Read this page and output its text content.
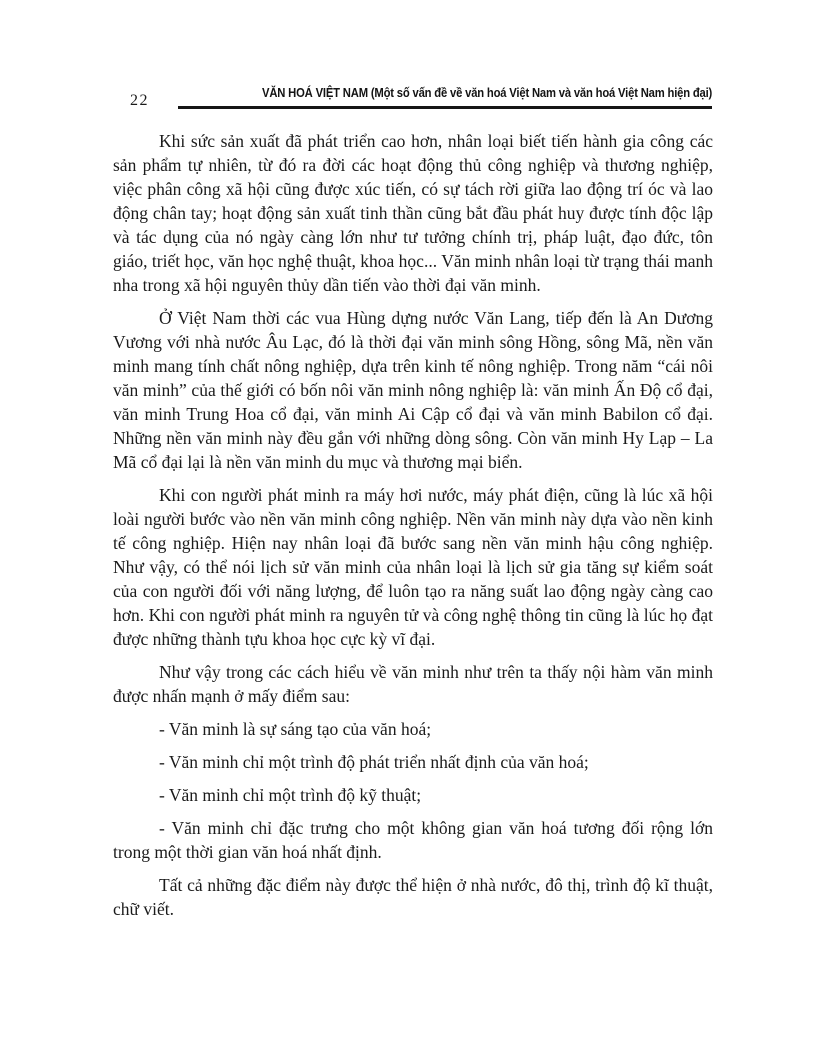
22	VĂN HOÁ VIỆT NAM (Một số vấn đề về văn hoá Việt Nam và văn hoá Việt Nam hiện đại)

Khi sức sản xuất đã phát triển cao hơn, nhân loại biết tiến hành gia công các sản phẩm tự nhiên, từ đó ra đời các hoạt động thủ công nghiệp và thương nghiệp, việc phân công xã hội cũng được xúc tiến, có sự tách rời giữa lao động trí óc và lao động chân tay; hoạt động sản xuất tinh thần cũng bắt đầu phát huy được tính độc lập và tác dụng của nó ngày càng lớn như tư tưởng chính trị, pháp luật, đạo đức, tôn giáo, triết học, văn học nghệ thuật, khoa học... Văn minh nhân loại từ trạng thái manh nha trong xã hội nguyên thủy dần tiến vào thời đại văn minh.

Ở Việt Nam thời các vua Hùng dựng nước Văn Lang, tiếp đến là An Dương Vương với nhà nước Âu Lạc, đó là thời đại văn minh sông Hồng, sông Mã, nền văn minh mang tính chất nông nghiệp, dựa trên kinh tế nông nghiệp. Trong năm “cái nôi văn minh” của thế giới có bốn nôi văn minh nông nghiệp là: văn minh Ấn Độ cổ đại, văn minh Trung Hoa cổ đại, văn minh Ai Cập cổ đại và văn minh Babilon cổ đại. Những nền văn minh này đều gắn với những dòng sông. Còn văn minh Hy Lạp – La Mã cổ đại lại là nền văn minh du mục và thương mại biển.

Khi con người phát minh ra máy hơi nước, máy phát điện, cũng là lúc xã hội loài người bước vào nền văn minh công nghiệp. Nền văn minh này dựa vào nền kinh tế công nghiệp. Hiện nay nhân loại đã bước sang nền văn minh hậu công nghiệp. Như vậy, có thể nói lịch sử văn minh của nhân loại là lịch sử gia tăng sự kiểm soát của con người đối với năng lượng, để luôn tạo ra năng suất lao động ngày càng cao hơn. Khi con người phát minh ra nguyên tử và công nghệ thông tin cũng là lúc họ đạt được những thành tựu khoa học cực kỳ vĩ đại.

Như vậy trong các cách hiểu về văn minh như trên ta thấy nội hàm văn minh được nhấn mạnh ở mấy điểm sau:

- Văn minh là sự sáng tạo của văn hoá;

- Văn minh chỉ một trình độ phát triển nhất định của văn hoá;

- Văn minh chỉ một trình độ kỹ thuật;

- Văn minh chỉ đặc trưng cho một không gian văn hoá tương đối rộng lớn trong một thời gian văn hoá nhất định.

Tất cả những đặc điểm này được thể hiện ở nhà nước, đô thị, trình độ kĩ thuật, chữ viết.
